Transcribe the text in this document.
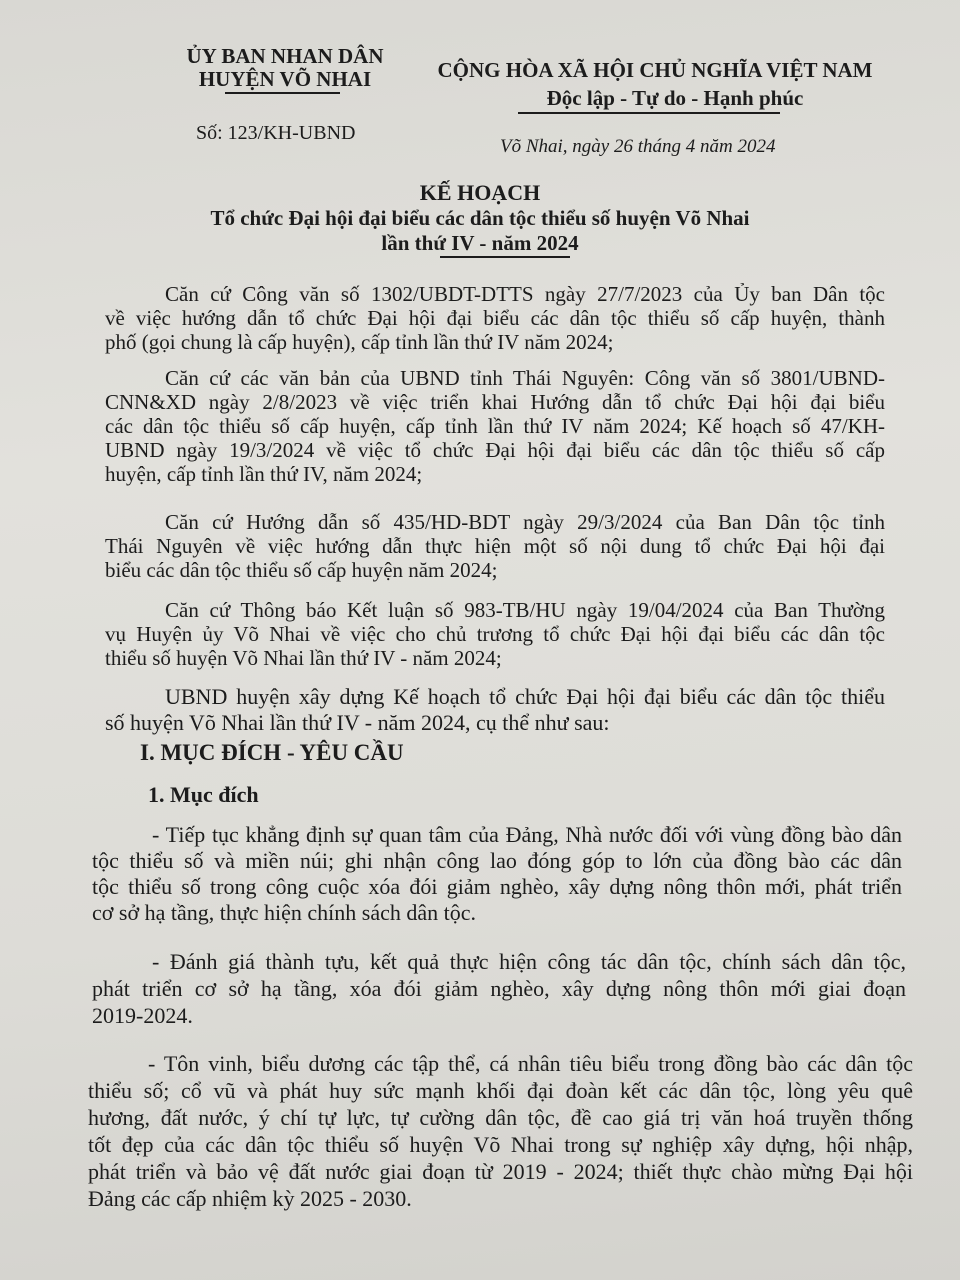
ỦY BAN NHAN DÂN
HUYỆN VÕ NHAI
Số: 123/KH-UBND
CỘNG HÒA XÃ HỘI CHỦ NGHĨA VIỆT NAM
Độc lập - Tự do - Hạnh phúc
Võ Nhai, ngày 26 tháng 4 năm 2024
KẾ HOẠCH
Tổ chức Đại hội đại biểu các dân tộc thiểu số huyện Võ Nhai
lần thứ IV - năm 2024
Căn cứ Công văn số 1302/UBDT-DTTS ngày 27/7/2023 của Ủy ban Dân tộc
về việc hướng dẫn tổ chức Đại hội đại biểu các dân tộc thiểu số cấp huyện, thành
phố (gọi chung là cấp huyện), cấp tỉnh lần thứ IV năm 2024;
Căn cứ các văn bản của UBND tỉnh Thái Nguyên: Công văn số 3801/UBND-
CNN&XD ngày 2/8/2023 về việc triển khai Hướng dẫn tổ chức Đại hội đại biểu
các dân tộc thiểu số cấp huyện, cấp tỉnh lần thứ IV năm 2024; Kế hoạch số 47/KH-
UBND ngày 19/3/2024 về việc tổ chức Đại hội đại biểu các dân tộc thiểu số cấp
huyện, cấp tỉnh lần thứ IV, năm 2024;
Căn cứ Hướng dẫn số 435/HD-BDT ngày 29/3/2024 của Ban Dân tộc tỉnh
Thái Nguyên về việc hướng dẫn thực hiện một số nội dung tổ chức Đại hội đại
biểu các dân tộc thiểu số cấp huyện năm 2024;
Căn cứ Thông báo Kết luận số 983-TB/HU ngày 19/04/2024 của Ban Thường
vụ Huyện ủy Võ Nhai về việc cho chủ trương tổ chức Đại hội đại biểu các dân tộc
thiểu số huyện Võ Nhai lần thứ IV - năm 2024;
UBND huyện xây dựng Kế hoạch tổ chức Đại hội đại biểu các dân tộc thiểu
số huyện Võ Nhai lần thứ IV - năm 2024, cụ thể như sau:
I. MỤC ĐÍCH - YÊU CẦU
1. Mục đích
- Tiếp tục khẳng định sự quan tâm của Đảng, Nhà nước đối với vùng đồng bào dân
tộc thiểu số và miền núi; ghi nhận công lao đóng góp to lớn của đồng bào các dân
tộc thiểu số trong công cuộc xóa đói giảm nghèo, xây dựng nông thôn mới, phát triển
cơ sở hạ tầng, thực hiện chính sách dân tộc.
- Đánh giá thành tựu, kết quả thực hiện công tác dân tộc, chính sách dân tộc,
phát triển cơ sở hạ tầng, xóa đói giảm nghèo, xây dựng nông thôn mới giai đoạn
2019-2024.
- Tôn vinh, biểu dương các tập thể, cá nhân tiêu biểu trong đồng bào các dân tộc
thiểu số; cổ vũ và phát huy sức mạnh khối đại đoàn kết các dân tộc, lòng yêu quê
hương, đất nước, ý chí tự lực, tự cường dân tộc, đề cao giá trị văn hoá truyền thống
tốt đẹp của các dân tộc thiểu số huyện Võ Nhai trong sự nghiệp xây dựng, hội nhập,
phát triển và bảo vệ đất nước giai đoạn từ 2019 - 2024; thiết thực chào mừng Đại hội
Đảng các cấp nhiệm kỳ 2025 - 2030.
